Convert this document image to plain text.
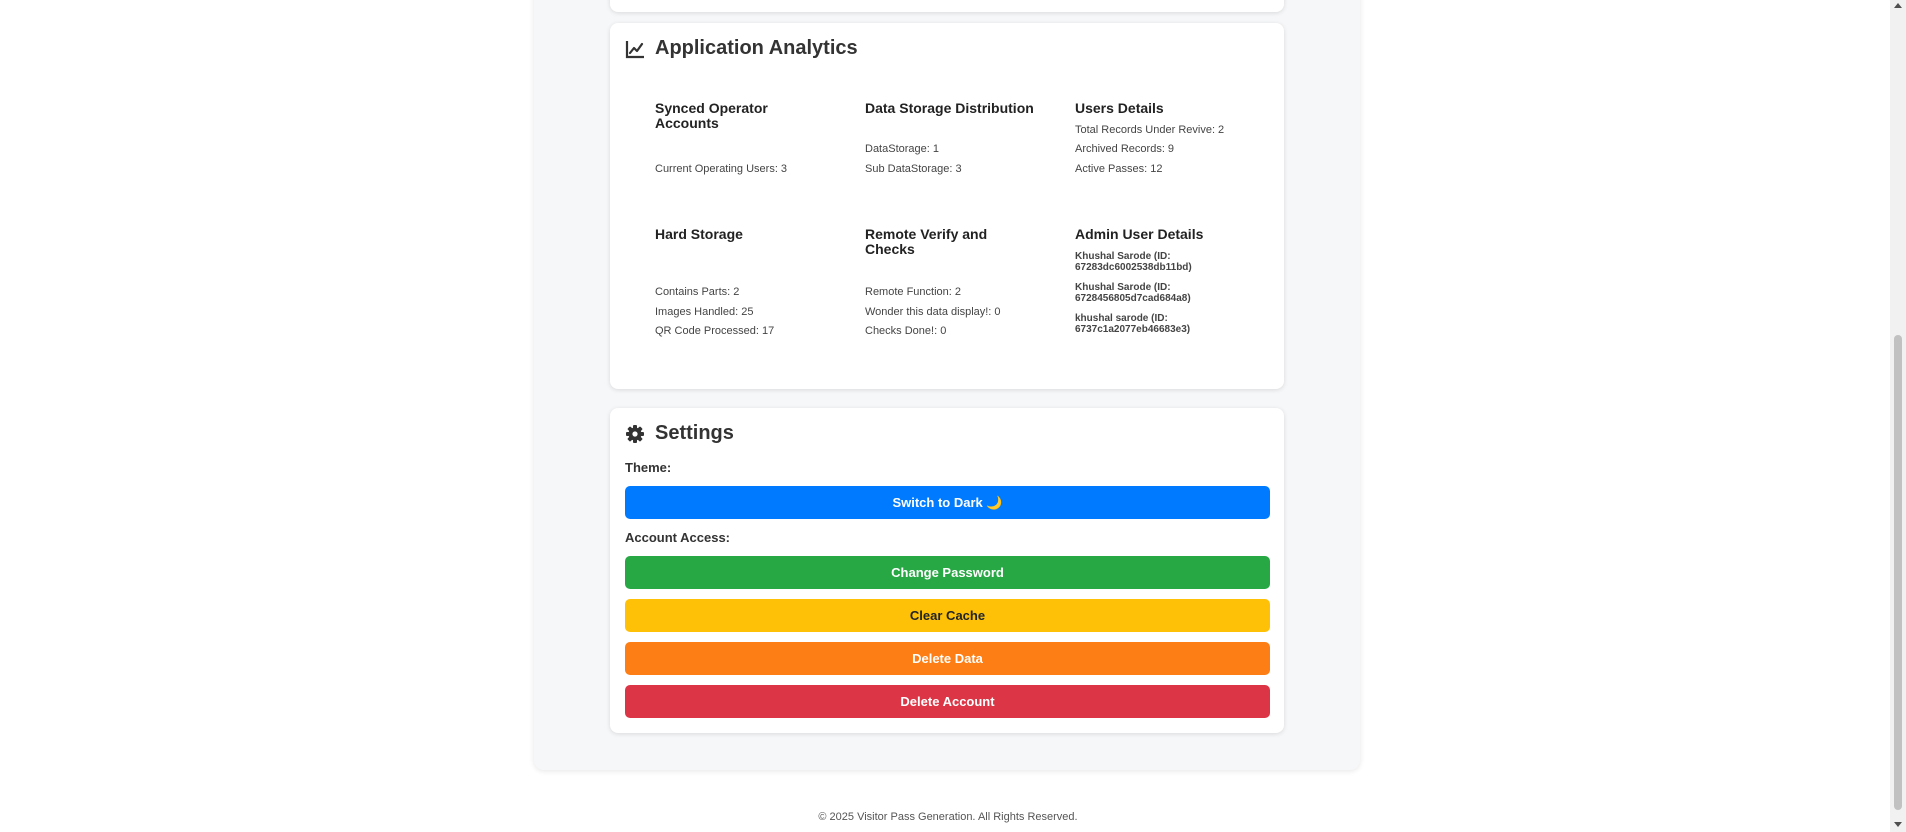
Application Analytics
Synced Operator Accounts
Current Operating Users: 3
Data Storage Distribution
DataStorage: 1
Sub DataStorage: 3
Users Details
Total Records Under Revive: 2
Archived Records: 9
Active Passes: 12
Hard Storage
Contains Parts: 2
Images Handled: 25
QR Code Processed: 17
Remote Verify and Checks
Remote Function: 2
Wonder this data display!: 0
Checks Done!: 0
Admin User Details
Khushal Sarode (ID: 67283dc6002538db11bd)
Khushal Sarode (ID: 6728456805d7cad684a8)
khushal sarode (ID: 6737c1a2077eb46683e3)
Settings
Theme:
Switch to Dark 🌙
Account Access:
Change Password
Clear Cache
Delete Data
Delete Account
© 2025 Visitor Pass Generation. All Rights Reserved.
